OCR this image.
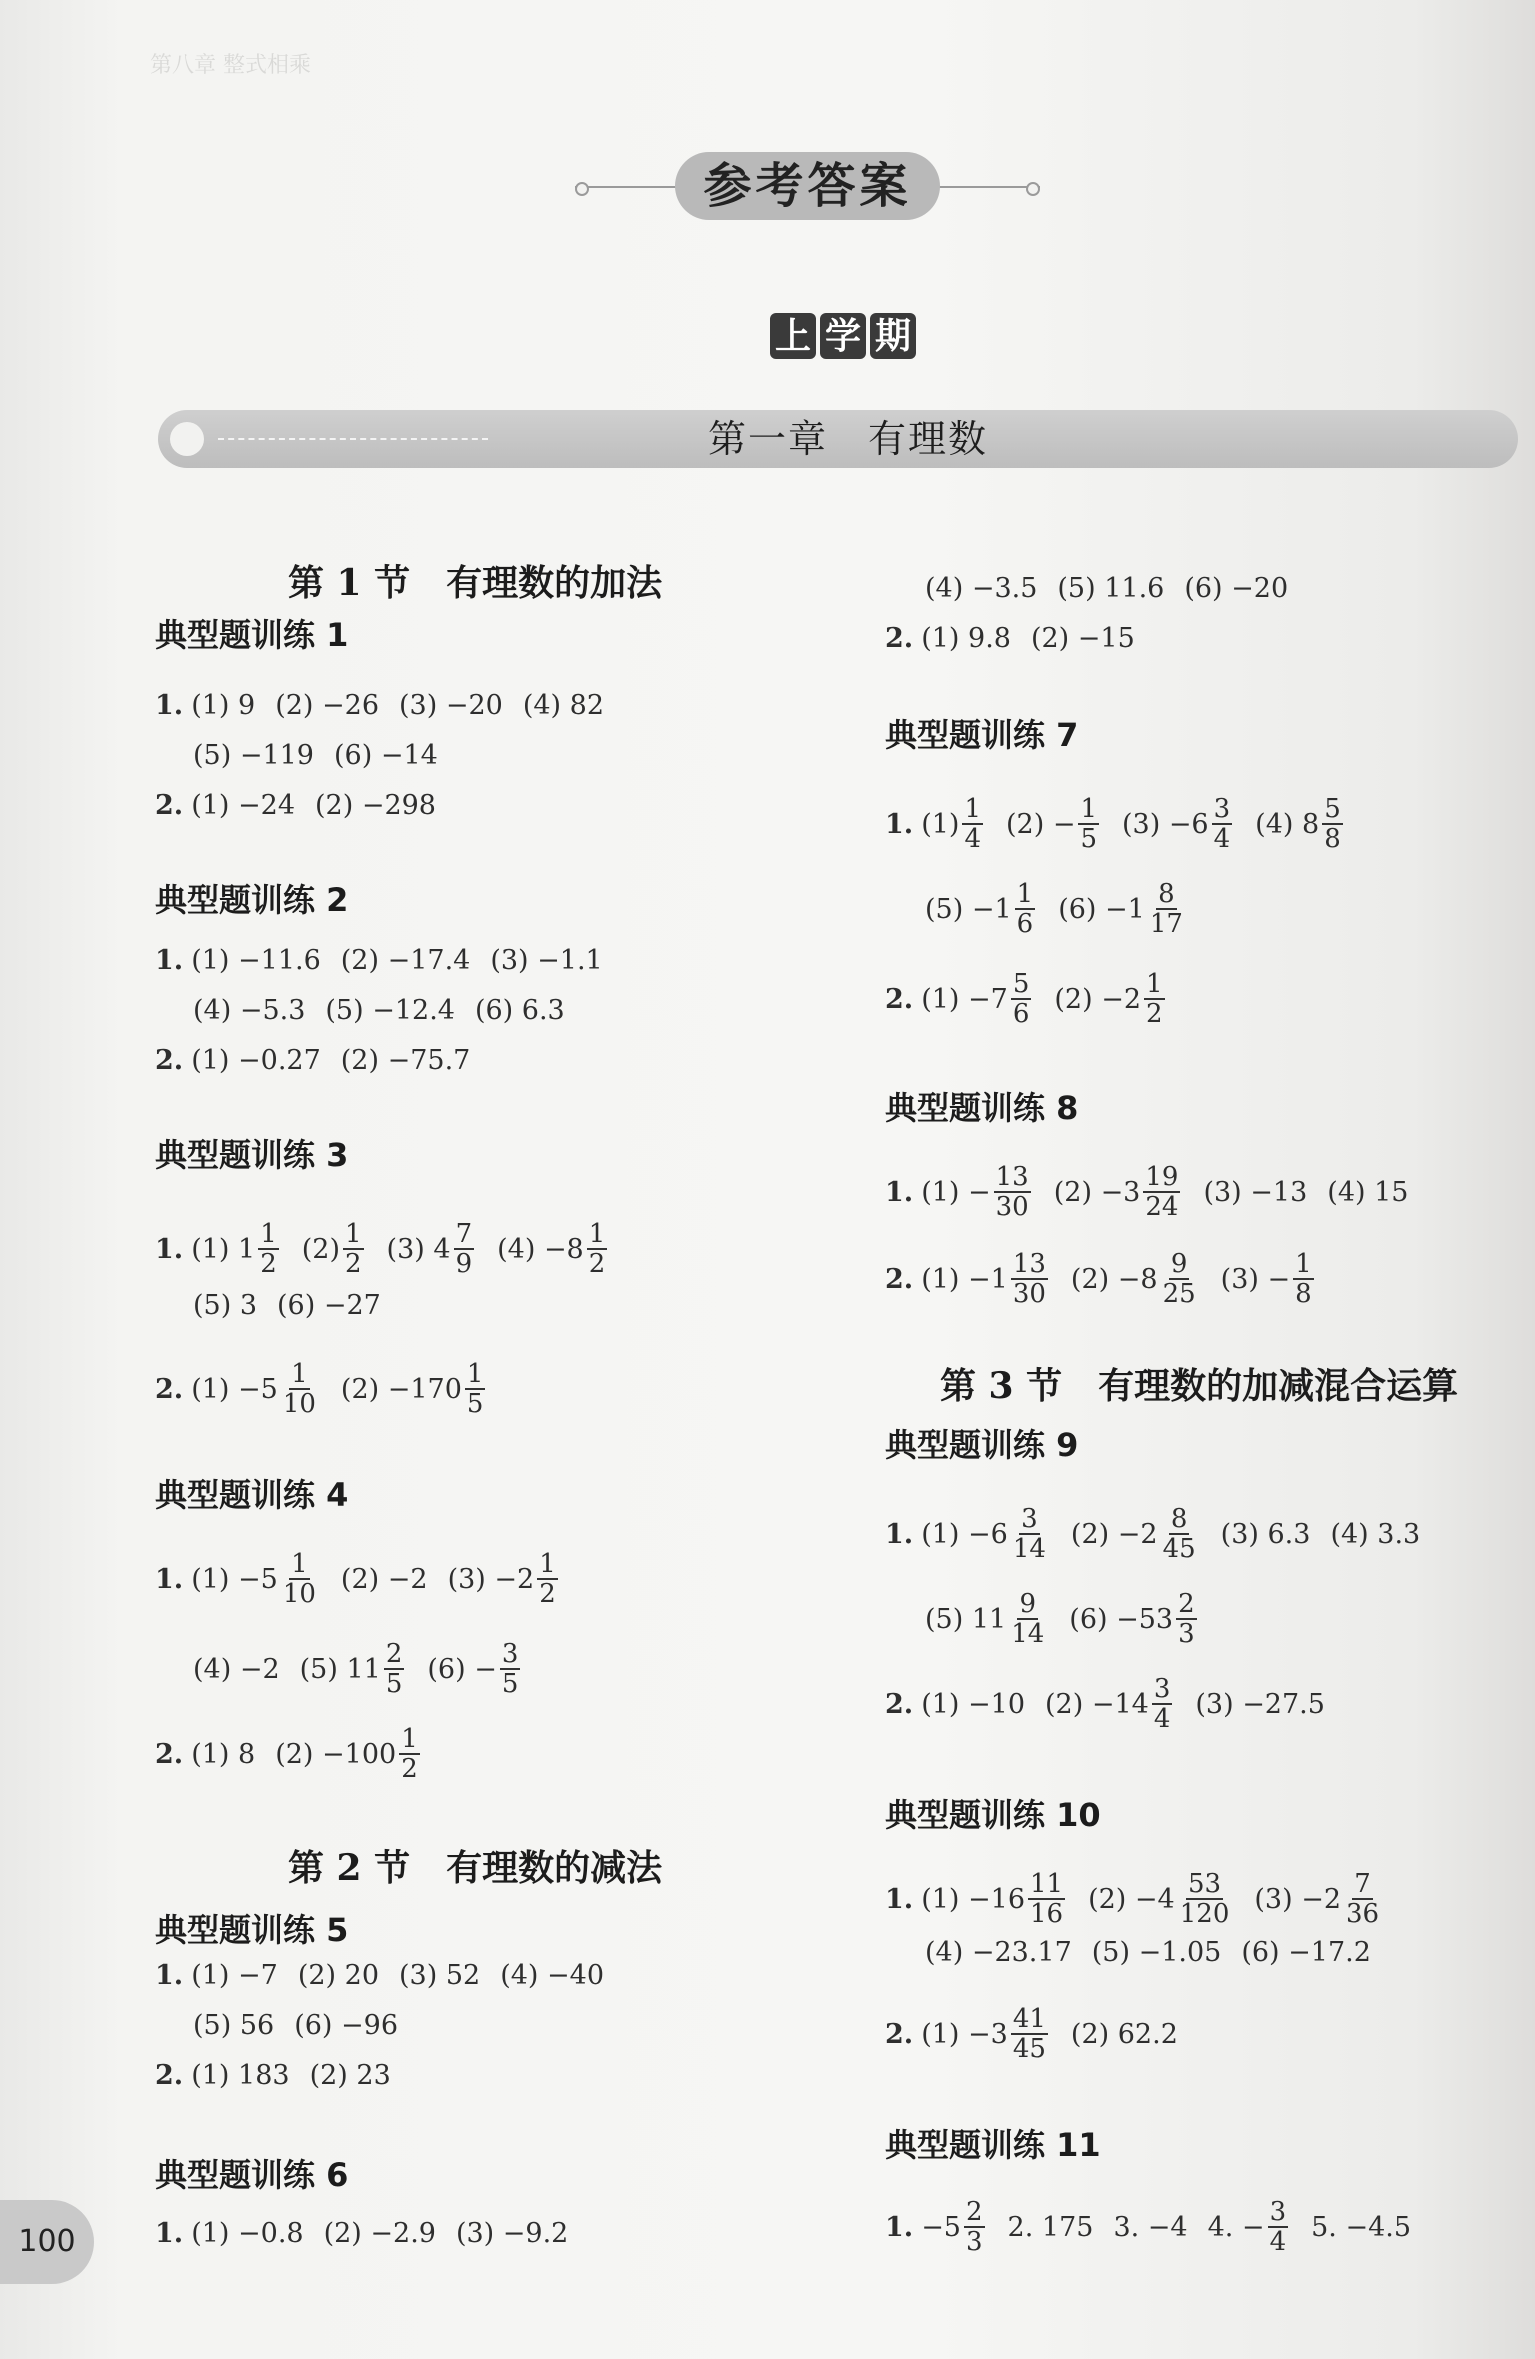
第八章 整式相乘
参考答案
上 学 期
第一章　有理数
第 1 节　有理数的加法
典型题训练 1
1. (1) 9 (2) −26 (3) −20 (4) 82
(5) −119 (6) −14
2. (1) −24 (2) −298
典型题训练 2
1. (1) −11.6 (2) −17.4 (3) −1.1
(4) −5.3 (5) −12.4 (6) 6.3
2. (1) −0.27 (2) −75.7
典型题训练 3
1. (1) $1 \frac{1}{2} (2) \frac{1}{2} (3)$ $4 \frac{7}{9} (4) -8 \frac{1}{2}$
(5) 3 (6) −27
2. $(1) -5 \frac{1}{10} (2) -170 \frac{1}{5}$
典型题训练 4
1. $(1) -5 \frac{1}{10} (2) -2$ $(3) -2 \frac{1}{2}$
(4) −2 (5) $11 \frac{2}{5} (6) - \frac{3}{5}$
2. (1) 8 $(2) -100 \frac{1}{2}$
第 2 节　有理数的减法
典型题训练 5
1. (1) −7 (2) 20 (3) 52 (4) −40
(5) 56 (6) −96
2. (1) 183 (2) 23
典型题训练 6
1. (1) −0.8 (2) −2.9 (3) −9.2
(4) −3.5 (5) 11.6 (6) −20
2. (1) 9.8 (2) −15
典型题训练 7
1. $(1) \frac{1}{4} (2) - \frac{1}{5} (3) -6 \frac{3}{4} (4)$ $8 \frac{5}{8}$
$(5) -1 \frac{1}{6} (6) -1 \frac{8}{17}$
2. $(1) -7 \frac{5}{6} (2) -2 \frac{1}{2}$
典型题训练 8
1. $(1) - \frac{13}{30} (2) -3 \frac{19}{24} (3) -13$ (4) 15
2. $(1) -1 \frac{13}{30} (2) -8 \frac{9}{25} (3) - \frac{1}{8}$
第 3 节　有理数的加减混合运算
典型题训练 9
1. $(1) -6 \frac{3}{14} (2) -2 \frac{8}{45} (3)$ 6.3 (4) 3.3
(5) $11 \frac{9}{14} (6) -53 \frac{2}{3}$
2. (1) −10 $(2) -14 \frac{3}{4} (3) -27.5$
典型题训练 10
1. $(1) -16 \frac{11}{16} (2) -4 \frac{53}{120} (3) -2 \frac{7}{36}$
(4) −23.17 (5) −1.05 (6) −17.2
2. $(1) -3 \frac{41}{45} (2)$ 62.2
典型题训练 11
1. $-5 \frac{2}{3} 2$. 175 3. −4 4. − $\frac{3}{4} 5$. −4.5
100
